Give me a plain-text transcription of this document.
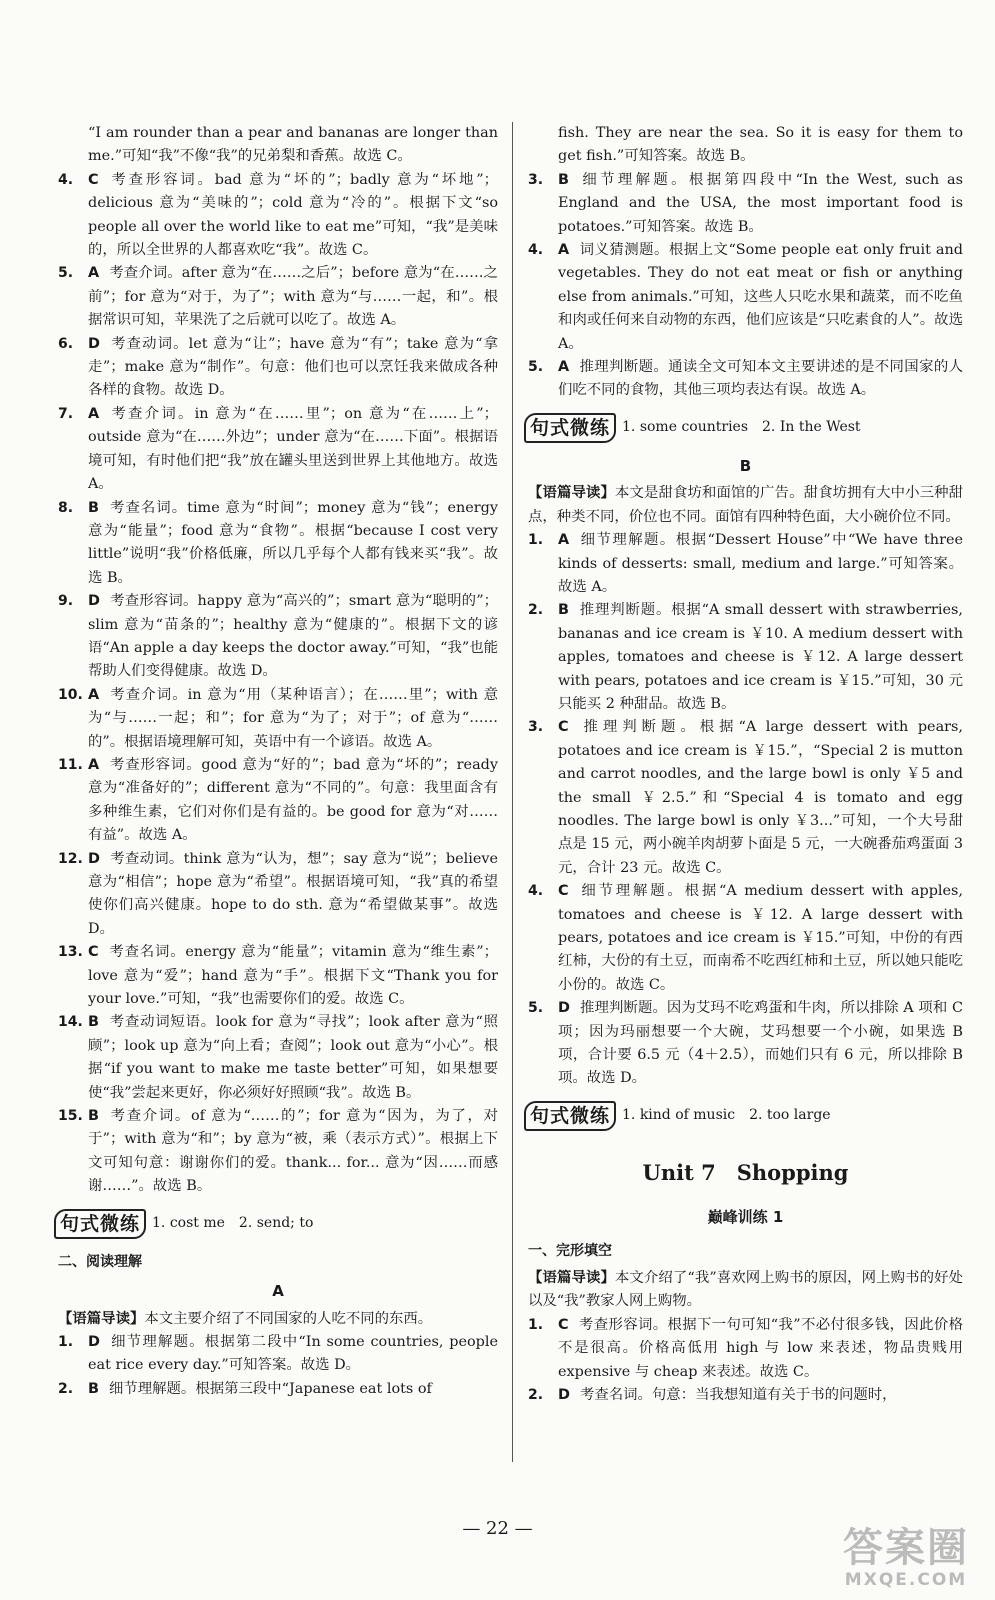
“I am rounder than a pear and bananas are longer than me.”可知“我”不像“我”的兄弟梨和香蕉。故选 C。
4.	C 考查形容词。bad 意为“坏的”；badly 意为“坏地”；delicious 意为“美味的”；cold 意为“冷的”。根据下文“so people all over the world like to eat me”可知，“我”是美味的，所以全世界的人都喜欢吃“我”。故选 C。
5.	A 考查介词。after 意为“在……之后”；before 意为“在……之前”；for 意为“对于，为了”；with 意为“与……一起，和”。根据常识可知，苹果洗了之后就可以吃了。故选 A。
6.	D 考查动词。let 意为“让”；have 意为“有”；take 意为“拿走”；make 意为“制作”。句意：他们也可以烹饪我来做成各种各样的食物。故选 D。
7.	A 考查介词。in 意为“在……里”；on 意为“在……上”；outside 意为“在……外边”；under 意为“在……下面”。根据语境可知，有时他们把“我”放在罐头里送到世界上其他地方。故选 A。
8.	B 考查名词。time 意为“时间”；money 意为“钱”；energy 意为“能量”；food 意为“食物”。根据“because I cost very little”说明“我”价格低廉，所以几乎每个人都有钱来买“我”。故选 B。
9.	D 考查形容词。happy 意为“高兴的”；smart 意为“聪明的”；slim 意为“苗条的”；healthy 意为“健康的”。根据下文的谚语“An apple a day keeps the doctor away.”可知，“我”也能帮助人们变得健康。故选 D。
10. A 考查介词。in 意为“用（某种语言）；在……里”；with 意为“与……一起；和”；for 意为“为了；对于”；of 意为“……的”。根据语境理解可知，英语中有一个谚语。故选 A。
11. A 考查形容词。good 意为“好的”；bad 意为“坏的”；ready 意为“准备好的”；different 意为“不同的”。句意：我里面含有多种维生素，它们对你们是有益的。be good for 意为“对……有益”。故选 A。
12. D 考查动词。think 意为“认为，想”；say 意为“说”；believe 意为“相信”；hope 意为“希望”。根据语境可知，“我”真的希望使你们高兴健康。hope to do sth. 意为“希望做某事”。故选 D。
13. C 考查名词。energy 意为“能量”；vitamin 意为“维生素”；love 意为“爱”；hand 意为“手”。根据下文“Thank you for your love.”可知，“我”也需要你们的爱。故选 C。
14. B 考查动词短语。look for 意为“寻找”；look after 意为“照顾”；look up 意为“向上看；查阅”；look out 意为“小心”。根据“if you want to make me taste better”可知，如果想要使“我”尝起来更好，你必须好好照顾“我”。故选 B。
15. B 考查介词。of 意为“……的”；for 意为“因为，为了，对于”；with 意为“和”；by 意为“被，乘（表示方式）”。根据上下文可知句意：谢谢你们的爱。thank... for... 意为“因……而感谢……”。故选 B。
句式微练 1. cost me　2. send; to
二、阅读理解
A
【语篇导读】本文主要介绍了不同国家的人吃不同的东西。
1.	D 细节理解题。根据第二段中“In some countries, people eat rice every day.”可知答案。故选 D。
2.	B 细节理解题。根据第三段中“Japanese eat lots of
fish. They are near the sea. So it is easy for them to get fish.”可知答案。故选 B。
3.	B 细节理解题。根据第四段中“In the West, such as England and the USA, the most important food is potatoes.”可知答案。故选 B。
4.	A 词义猜测题。根据上文“Some people eat only fruit and vegetables. They do not eat meat or fish or anything else from animals.”可知，这些人只吃水果和蔬菜，而不吃鱼和肉或任何来自动物的东西，他们应该是“只吃素食的人”。故选 A。
5.	A 推理判断题。通读全文可知本文主要讲述的是不同国家的人们吃不同的食物，其他三项均表达有误。故选 A。
句式微练 1. some countries　2. In the West
B
【语篇导读】本文是甜食坊和面馆的广告。甜食坊拥有大中小三种甜点，种类不同，价位也不同。面馆有四种特色面，大小碗价位不同。
1.	A 细节理解题。根据“Dessert House”中“We have three kinds of desserts: small, medium and large.”可知答案。故选 A。
2.	B 推理判断题。根据“A small dessert with strawberries, bananas and ice cream is ￥10. A medium dessert with apples, tomatoes and cheese is ￥12. A large dessert with pears, potatoes and ice cream is ￥15.”可知，30 元只能买 2 种甜品。故选 B。
3.	C 推理判断题。根据“A large dessert with pears, potatoes and ice cream is ￥15.”，“Special 2 is mutton and carrot noodles, and the large bowl is only ￥5 and the small ￥2.5.”和“Special 4 is tomato and egg noodles. The large bowl is only ￥3...”可知，一个大号甜点是 15 元，两小碗羊肉胡萝卜面是 5 元，一大碗番茄鸡蛋面 3 元，合计 23 元。故选 C。
4.	C 细节理解题。根据“A medium dessert with apples, tomatoes and cheese is ￥12. A large dessert with pears, potatoes and ice cream is ￥15.”可知，中份的有西红柿，大份的有土豆，而南希不吃西红柿和土豆，所以她只能吃小份的。故选 C。
5.	D 推理判断题。因为艾玛不吃鸡蛋和牛肉，所以排除 A 项和 C 项；因为玛丽想要一个大碗，艾玛想要一个小碗，如果选 B 项，合计要 6.5 元（4＋2.5），而她们只有 6 元，所以排除 B 项。故选 D。
句式微练 1. kind of music　2. too large
Unit 7　Shopping
巅峰训练 1
一、完形填空
【语篇导读】本文介绍了“我”喜欢网上购书的原因，网上购书的好处以及“我”教家人网上购物。
1.	C 考查形容词。根据下一句可知“我”不必付很多钱，因此价格不是很高。价格高低用 high 与 low 来表述，物品贵贱用 expensive 与 cheap 来表述。故选 C。
2.	D 考查名词。句意：当我想知道有关于书的问题时，
— 22 —	答案圈
MXQE.COM
